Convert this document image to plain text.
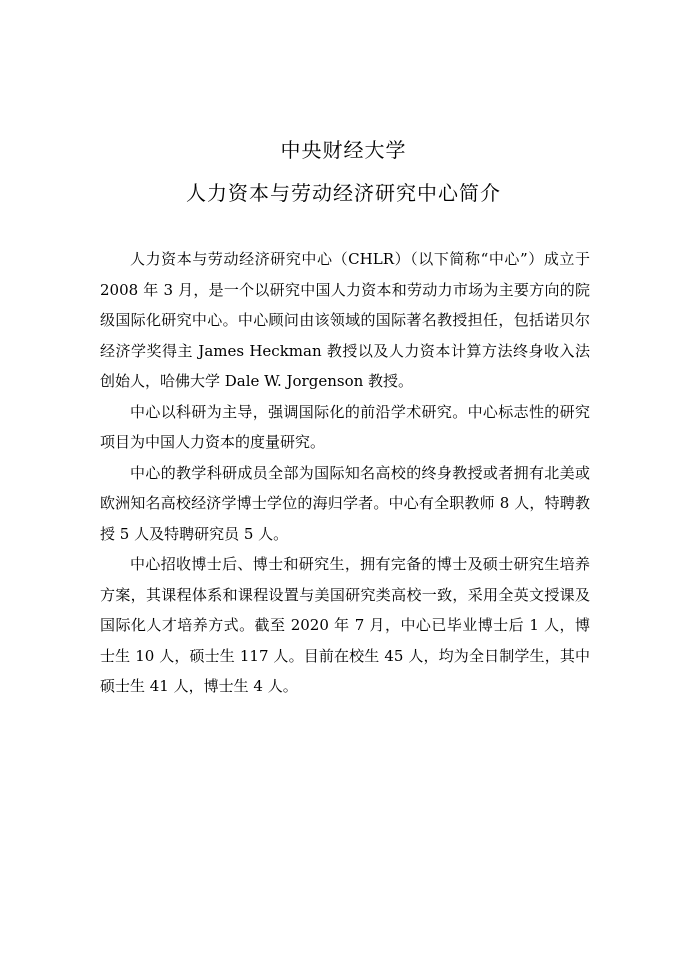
中央财经大学
人力资本与劳动经济研究中心简介

人力资本与劳动经济研究中心（CHLR）（以下简称“中心”）成立于 2008 年 3 月，是一个以研究中国人力资本和劳动力市场为主要方向的院级国际化研究中心。中心顾问由该领域的国际著名教授担任，包括诺贝尔经济学奖得主 James Heckman 教授以及人力资本计算方法终身收入法创始人，哈佛大学 Dale W. Jorgenson 教授。

中心以科研为主导，强调国际化的前沿学术研究。中心标志性的研究项目为中国人力资本的度量研究。

中心的教学科研成员全部为国际知名高校的终身教授或者拥有北美或欧洲知名高校经济学博士学位的海归学者。中心有全职教师 8 人，特聘教授 5 人及特聘研究员 5 人。

中心招收博士后、博士和研究生，拥有完备的博士及硕士研究生培养方案，其课程体系和课程设置与美国研究类高校一致，采用全英文授课及国际化人才培养方式。截至 2020 年 7 月，中心已毕业博士后 1 人，博士生 10 人，硕士生 117 人。目前在校生 45 人，均为全日制学生，其中硕士生 41 人，博士生 4 人。
